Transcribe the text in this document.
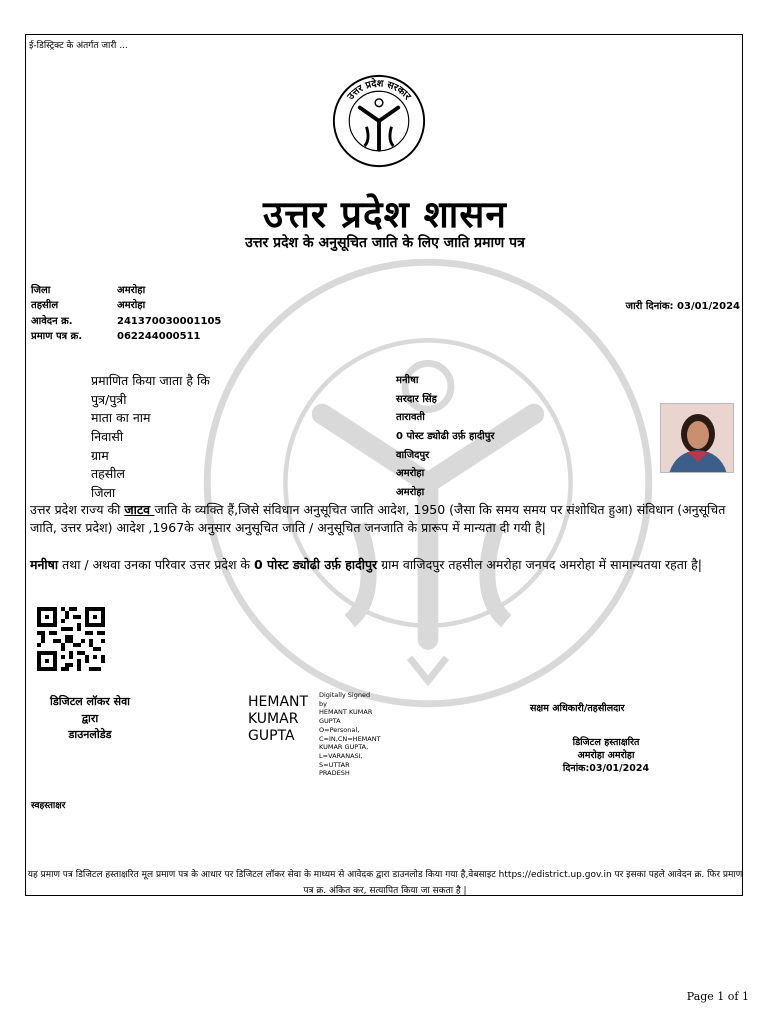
ई-डिस्ट्रिक्ट के अंतर्गत जारी ...
उत्तर प्रदेश सरकार
उत्तर प्रदेश शासन
उत्तर प्रदेश के अनुसूचित जाति के लिए जाति प्रमाण पत्र
जिला	अमरोहा
तहसील	अमरोहा
आवेदन क्र.	241370030001105
प्रमाण पत्र क्र.	062244000511
जारी दिनांक: 03/01/2024
प्रमाणित किया जाता है कि	मनीषा
पुत्र/पुत्री	सरदार सिंह
माता का नाम	तारावती
निवासी	0 पोस्ट ड्योढी उर्फ़ हादीपुर
ग्राम	वाजिदपुर
तहसील	अमरोहा
जिला	अमरोहा
उत्तर प्रदेश राज्य की जाटव जाति के व्यक्ति हैं,जिसे संविधान अनुसूचित जाति आदेश, 1950 (जैसा कि समय समय पर संशोधित हुआ) संविधान (अनुसूचित जाति, उत्तर प्रदेश) आदेश ,1967के अनुसार अनुसूचित जाति / अनुसूचित जनजाति के प्रारूप में मान्यता दी गयी है|
मनीषा तथा / अथवा उनका परिवार उत्तर प्रदेश के 0 पोस्ट ड्योढी उर्फ़ हादीपुर ग्राम वाजिदपुर तहसील अमरोहा जनपद अमरोहा में सामान्यतया रहता है|
डिजिटल लॉकर सेवा
द्वारा
डाउनलोडेड
HEMANT
KUMAR
GUPTA
Digitally Signed
by
HEMANT KUMAR
GUPTA
O=Personal,
C=IN,CN=HEMANT
KUMAR GUPTA,
L=VARANASI,
S=UTTAR
PRADESH
सक्षम अधिकारी/तहसीलदार
डिजिटल हस्ताक्षरित
अमरोहा अमरोहा
दिनांक:03/01/2024
स्वहस्ताक्षर
यह प्रमाण पत्र डिजिटल हस्ताक्षरित मूल प्रमाण पत्र के आधार पर डिजिटल लॉकर सेवा के माध्यम से आवेदक द्वारा डाउनलोड किया गया है,वेबसाइट https://edistrict.up.gov.in पर इसका पहले आवेदन क्र. फिर प्रमाण पत्र क्र. अंकित कर, सत्यापित किया जा सकता है |
Page 1 of 1
